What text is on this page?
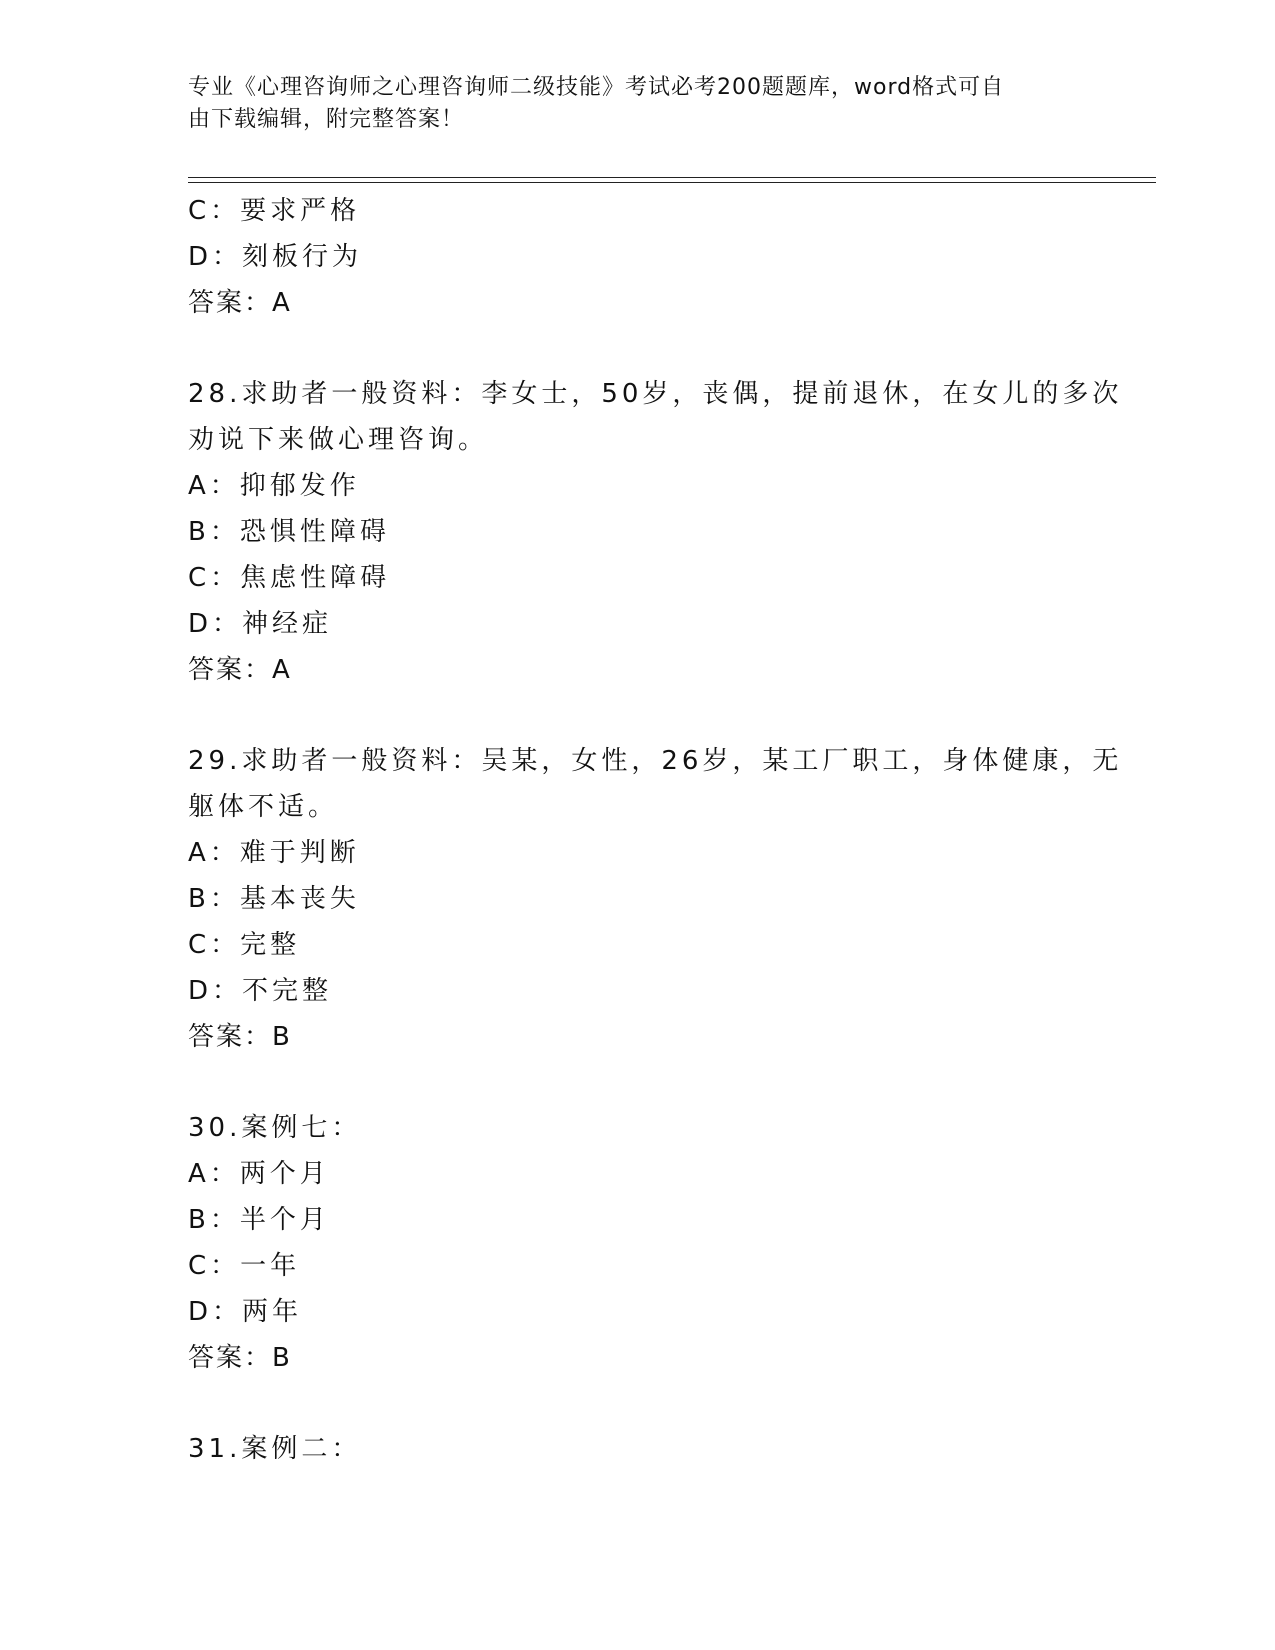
专业《心理咨询师之心理咨询师二级技能》考试必考200题题库，word格式可自
由下载编辑，附完整答案！
C：要求严格
D：刻板行为
答案：A
28.求助者一般资料：李女士，50岁，丧偶，提前退休，在女儿的多次
劝说下来做心理咨询。
A：抑郁发作
B：恐惧性障碍
C：焦虑性障碍
D：神经症
答案：A
29.求助者一般资料：吴某，女性，26岁，某工厂职工，身体健康，无
躯体不适。
A：难于判断
B：基本丧失
C：完整
D：不完整
答案：B
30.案例七：
A：两个月
B：半个月
C：一年
D：两年
答案：B
31.案例二：
